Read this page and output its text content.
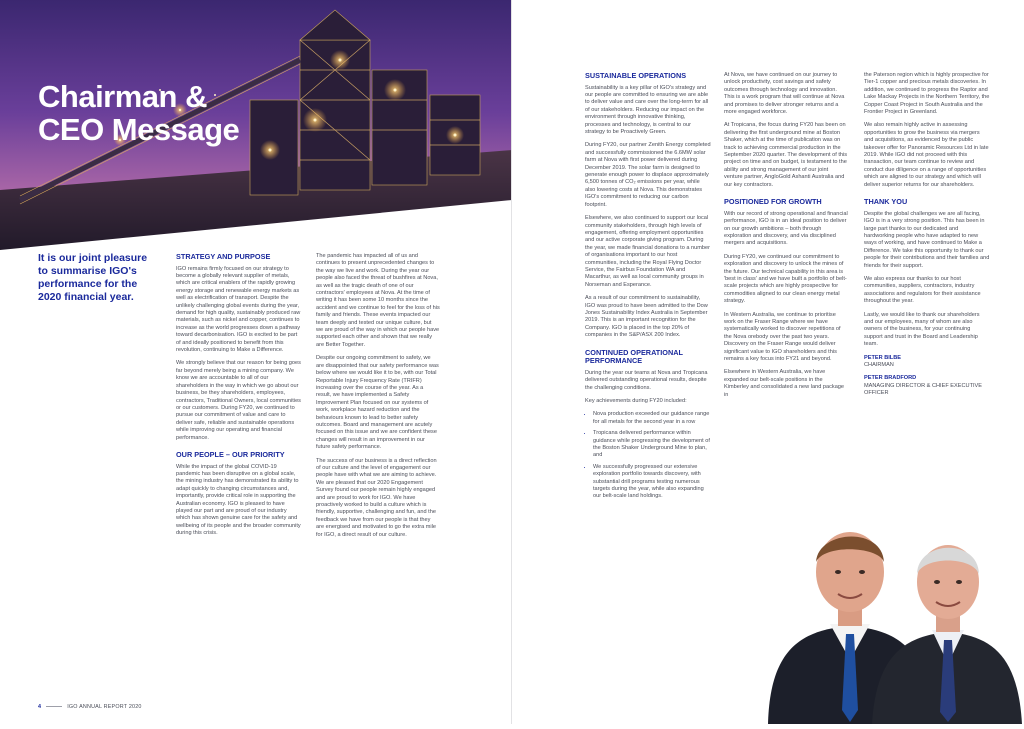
Chairman &
CEO Message

It is our joint pleasure to summarise IGO's performance for the 2020 financial year.

STRATEGY AND PURPOSE

IGO remains firmly focused on our strategy to become a globally relevant supplier of metals, which are critical enablers of the rapidly growing energy storage and renewable energy markets as well as electrification of transport. Despite the unlikely challenging global events during the year, demand for high quality, sustainably produced raw materials, such as nickel and copper, continues to increase as the world progresses down a pathway toward decarbonisation. IGO is excited to be part of and ideally positioned to benefit from this revolution, continuing to Make a Difference.

We strongly believe that our reason for being goes far beyond merely being a mining company. We know we are accountable to all of our shareholders in the way in which we go about our business, be they shareholders, employees, contractors, Traditional Owners, local communities or our customers. During FY20, we continued to pursue our commitment of value and care to deliver safe, reliable and sustainable operations while improving our operating and financial performance.

OUR PEOPLE – OUR PRIORITY

While the impact of the global COVID-19 pandemic has been disruptive on a global scale, the mining industry has demonstrated its ability to adapt quickly to changing circumstances and, importantly, provide critical role in supporting the Australian economy. IGO is pleased to have played our part and are proud of our industry which has shown genuine care for the safety and wellbeing of its people and the broader community during this crisis.

The pandemic has impacted all of us and continues to present unprecedented changes to the way we live and work. During the year our people also faced the threat of bushfires at Nova, as well as the tragic death of one of our contractors' employees at Nova. At the time of writing it has been some 10 months since the accident and we continue to feel for the loss of his family and friends. These events impacted our team deeply and tested our unique culture, but we are proud of the way in which our people have supported each other and shown that we really are Better Together.

Despite our ongoing commitment to safety, we are disappointed that our safety performance was below where we would like it to be, with our Total Reportable Injury Frequency Rate (TRIFR) increasing over the course of the year. As a result, we have implemented a Safety Improvement Plan focused on our systems of work, workplace hazard reduction and the behaviours known to lead to better safety outcomes. Board and management are acutely focused on this issue and we are confident these changes will result in an improvement in our future safety performance.

The success of our business is a direct reflection of our culture and the level of engagement our people have with what we are aiming to achieve. We are pleased that our 2020 Engagement Survey found our people remain highly engaged and are proud to work for IGO. We have proactively worked to build a culture which is friendly, supportive, challenging and fun, and the feedback we have from our people is that they are energised and motivated to go the extra mile for IGO, a direct result of our culture.

4	IGO ANNUAL REPORT 2020
SUSTAINABLE OPERATIONS

Sustainability is a key pillar of IGO's strategy and our people are committed to ensuring we are able to deliver value and care over the long-term for all of our stakeholders. Reducing our impact on the environment through innovative thinking, processes and technology, is central to our strategy to be Proactively Green.

During FY20, our partner Zenith Energy completed and successfully commissioned the 6.6MW solar farm at Nova with first power delivered during December 2019. The solar farm is designed to generate enough power to displace approximately 6,500 tonnes of CO₂ emissions per year, while also lowering costs at Nova. This demonstrates IGO's commitment to reducing our carbon footprint.

Elsewhere, we also continued to support our local community stakeholders, through high levels of engagement, offering employment opportunities and our active corporate giving program. During the year, we made financial donations to a number of organisations important to our host communities, including the Royal Flying Doctor Service, the Fairbus Foundation WA and Macarthur, as well as local community groups in Norseman and Esperance.

As a result of our commitment to sustainability, IGO was proud to have been admitted to the Dow Jones Sustainability Index Australia in September 2019. This is an important recognition for the Company. IGO is placed in the top 20% of companies in the S&P/ASX 200 Index.

CONTINUED OPERATIONAL PERFORMANCE

During the year our teams at Nova and Tropicana delivered outstanding operational results, despite the challenging conditions.

Key achievements during FY20 included:

• Nova production exceeded our guidance range for all metals for the second year in a row
• Tropicana delivered performance within guidance while progressing the development of the Boston Shaker Underground Mine to plan, and
• We successfully progressed our extensive exploration portfolio towards discovery, with substantial drill programs testing numerous targets during the year, while also expanding our belt-scale land holdings.

At Nova, we have continued on our journey to unlock productivity, cost savings and safety outcomes through technology and innovation. This is a work program that will continue at Nova and promises to deliver stronger returns and a more engaged workforce.

At Tropicana, the focus during FY20 has been on delivering the first underground mine at Boston Shaker, which at the time of publication was on track to achieving commercial production in the September 2020 quarter. The development of this project on time and on budget, is testament to the ability and strong management of our joint venture partner, AngloGold Ashanti Australia and our key contractors.

POSITIONED FOR GROWTH

With our record of strong operational and financial performance, IGO is in an ideal position to deliver on our growth ambitions – both through exploration and discovery, and via disciplined mergers and acquisitions.

During FY20, we continued our commitment to exploration and discovery to unlock the mines of the future. Our technical capability in this area is 'best in class' and we have built a portfolio of belt-scale projects which are highly prospective for commodities aligned to our clean energy metal strategy.

In Western Australia, we continue to prioritise work on the Fraser Range where we have systematically worked to discover repetitions of the Nova orebody over the past two years. Discovery on the Fraser Range would deliver significant value to IGO shareholders and this remains a key focus into FY21 and beyond.

Elsewhere in Western Australia, we have expanded our belt-scale positions in the Kimberley and consolidated a new land package in

the Paterson region which is highly prospective for Tier-1 copper and precious metals discoveries. In addition, we continued to progress the Raptor and Lake Mackay Projects in the Northern Territory, the Copper Coast Project in South Australia and the Frontier Project in Greenland.

We also remain highly active in assessing opportunities to grow the business via mergers and acquisitions, as evidenced by the public takeover offer for Panoramic Resources Ltd in late 2019. While IGO did not proceed with this transaction, our team continue to review and conduct due diligence on a range of opportunities which are aligned to our strategy and which will deliver superior returns for our shareholders.

THANK YOU

Despite the global challenges we are all facing, IGO is in a very strong position. This has been in large part thanks to our dedicated and hardworking people who have adapted to new ways of working, and have continued to Make a Difference. We take this opportunity to thank our people for their contributions and their families and friends for their support.

We also express our thanks to our host communities, suppliers, contractors, industry associations and regulators for their assistance throughout the year.

Lastly, we would like to thank our shareholders and our employees, many of whom are also owners of the business, for your continuing support and trust in the Board and Leadership team.

PETER BILBE

CHAIRMAN

PETER BRADFORD

MANAGING DIRECTOR & CHIEF EXECUTIVE OFFICER
